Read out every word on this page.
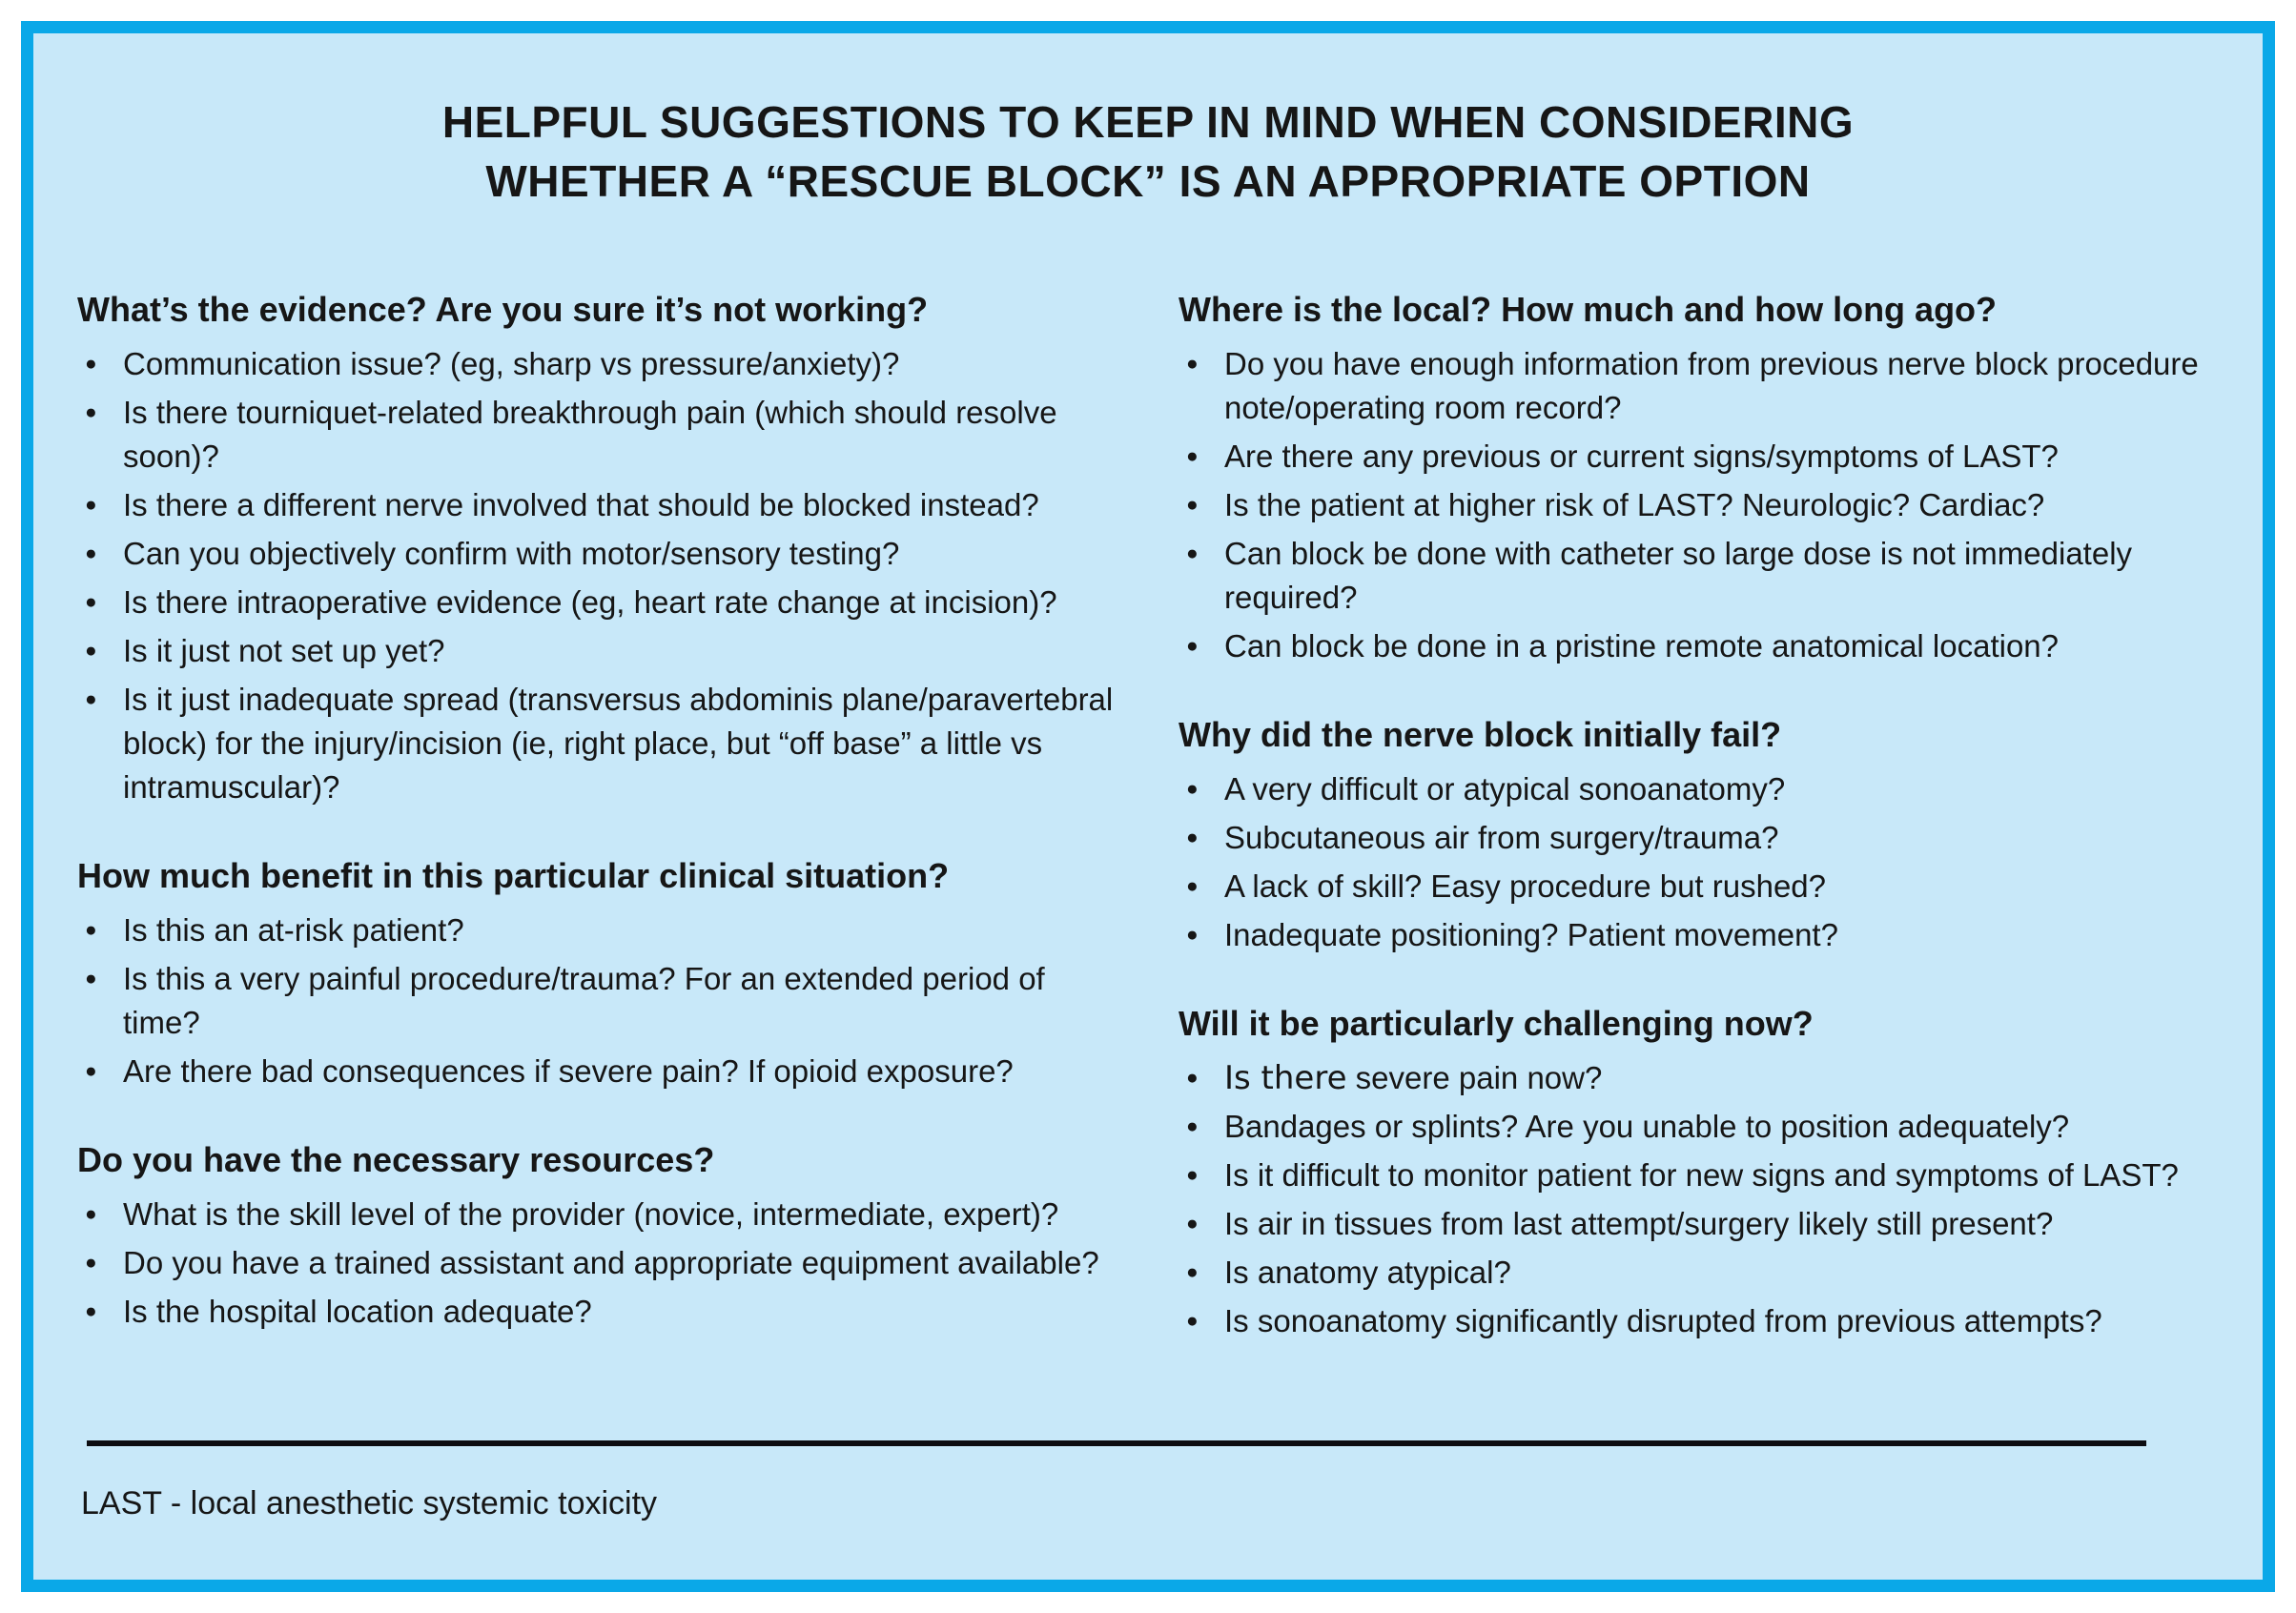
HELPFUL SUGGESTIONS TO KEEP IN MIND WHEN CONSIDERING
WHETHER A “RESCUE BLOCK” IS AN APPROPRIATE OPTION
What’s the evidence? Are you sure it’s not working?
● Communication issue? (eg, sharp vs pressure/anxiety)?
● Is there tourniquet-related breakthrough pain (which should resolve soon)?
● Is there a different nerve involved that should be blocked instead?
● Can you objectively confirm with motor/sensory testing?
● Is there intraoperative evidence (eg, heart rate change at incision)?
● Is it just not set up yet?
● Is it just inadequate spread (transversus abdominis plane/​paravertebral block) for the injury/incision (ie, right place, but “off base” a little vs intramuscular)?
How much benefit in this particular clinical situation?
● Is this an at-risk patient?
● Is this a very painful procedure/trauma? For an extended period of time?
● Are there bad consequences if severe pain? If opioid exposure?
Do you have the necessary resources?
● What is the skill level of the provider (novice, intermediate, expert)?
● Do you have a trained assistant and appropriate equipment available?
● Is the hospital location adequate?
Where is the local? How much and how long ago?
● Do you have enough information from previous nerve block procedure note/operating room record?
● Are there any previous or current signs/symptoms of LAST?
● Is the patient at higher risk of LAST? Neurologic? Cardiac?
● Can block be done with catheter so large dose is not immediately required?
● Can block be done in a pristine remote anatomical location?
Why did the nerve block initially fail?
● A very difficult or atypical sonoanatomy?
● Subcutaneous air from surgery/trauma?
● A lack of skill? Easy procedure but rushed?
● Inadequate positioning? Patient movement?
Will it be particularly challenging now?
● Is there severe pain now?
● Bandages or splints? Are you unable to position adequately?
● Is it difficult to monitor patient for new signs and symptoms of LAST?
● Is air in tissues from last attempt/surgery likely still present?
● Is anatomy atypical?
● Is sonoanatomy significantly disrupted from previous attempts?
LAST - local anesthetic systemic toxicity
